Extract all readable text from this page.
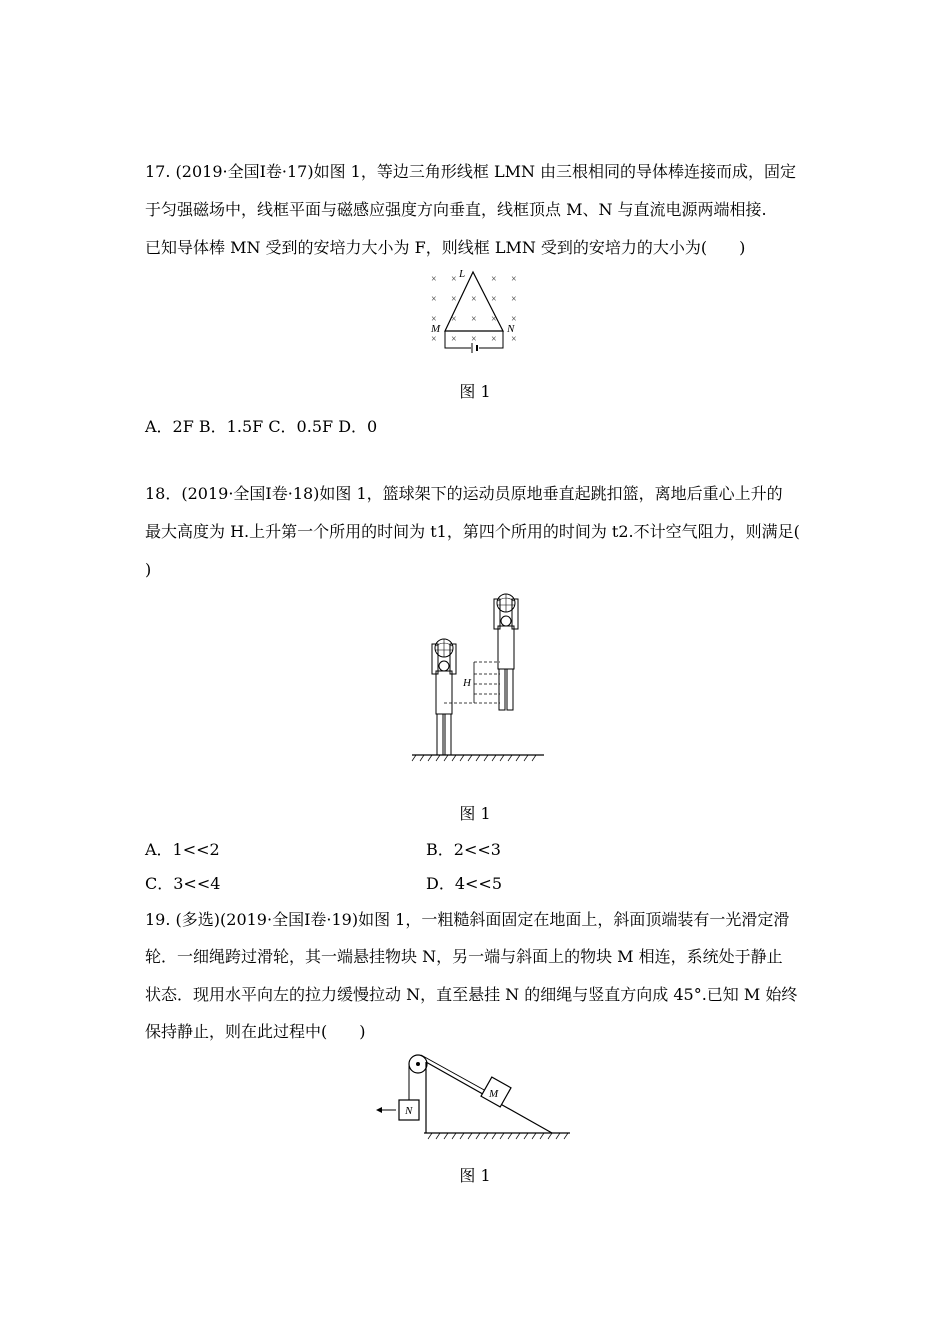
17. (2019·全国Ⅰ卷·17)如图 1，等边三角形线框 LMN 由三根相同的导体棒连接而成，固定
于匀强磁场中，线框平面与磁感应强度方向垂直，线框顶点 M、N 与直流电源两端相接.
已知导体棒 MN 受到的安培力大小为 F，则线框 LMN 受到的安培力的大小为(　　)
× ×	× ×
× × × × ×
× × × × ×
× × × × ×
L
M	N
图 1
A．2F B．1.5F C．0.5F D．0
18．(2019·全国Ⅰ卷·18)如图 1，篮球架下的运动员原地垂直起跳扣篮，离地后重心上升的
最大高度为 H.上升第一个所用的时间为 t1，第四个所用的时间为 t2.不计空气阻力，则满足(
)
H
图 1
A．1<<2	B．2<<3
C．3<<4	D．4<<5
19. (多选)(2019·全国Ⅰ卷·19)如图 1，一粗糙斜面固定在地面上，斜面顶端装有一光滑定滑
轮．一细绳跨过滑轮，其一端悬挂物块 N，另一端与斜面上的物块 M 相连，系统处于静止
状态．现用水平向左的拉力缓慢拉动 N，直至悬挂 N 的细绳与竖直方向成 45°.已知 M 始终
保持静止，则在此过程中(　　)
M
N
图 1
